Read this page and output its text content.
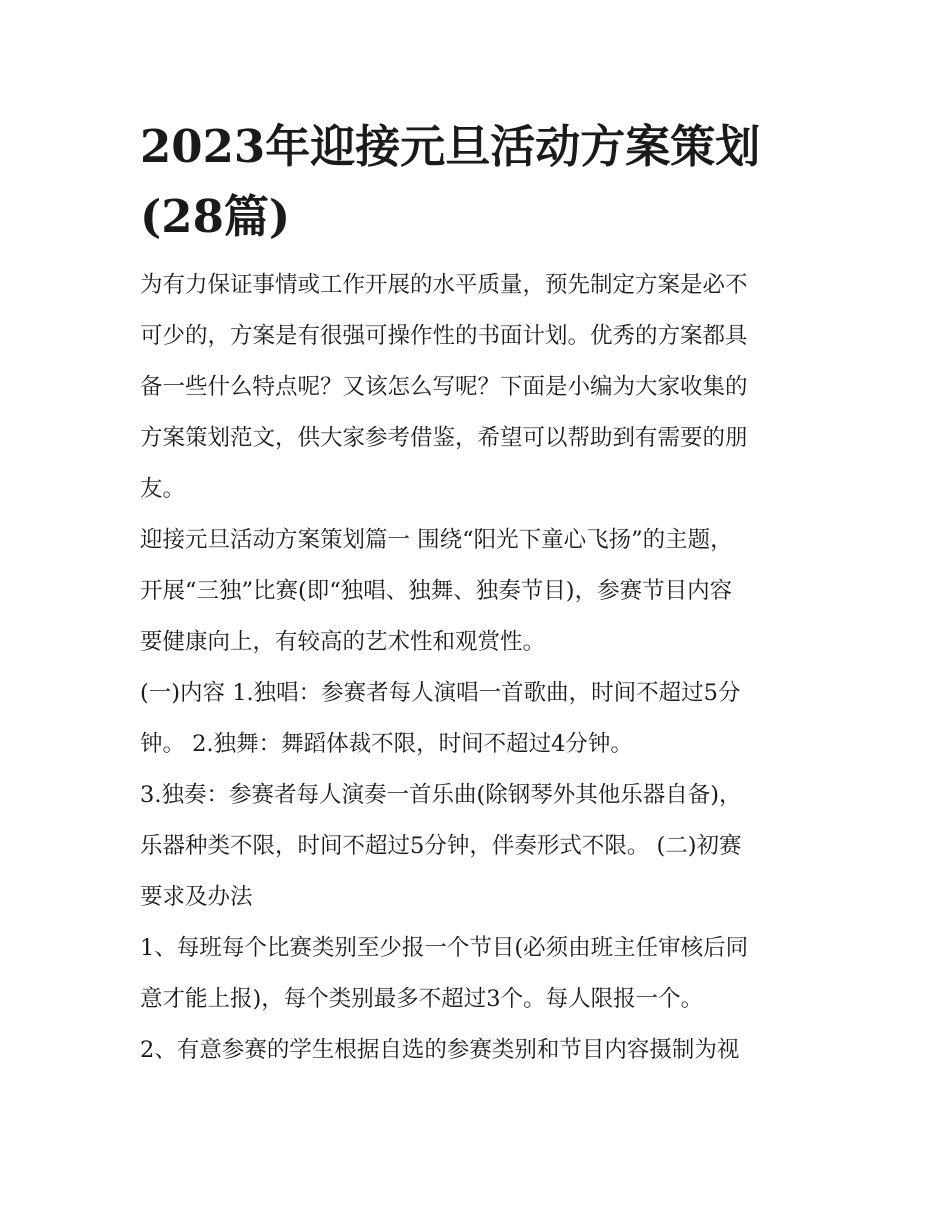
2023年迎接元旦活动方案策划
(28篇)
为有力保证事情或工作开展的水平质量，预先制定方案是必不
可少的，方案是有很强可操作性的书面计划。优秀的方案都具
备一些什么特点呢？又该怎么写呢？下面是小编为大家收集的
方案策划范文，供大家参考借鉴，希望可以帮助到有需要的朋
友。
迎接元旦活动方案策划篇一 围绕“阳光下童心飞扬”的主题，
开展“三独”比赛(即“独唱、独舞、独奏节目)，参赛节目内容
要健康向上，有较高的艺术性和观赏性。
(一)内容 1.独唱：参赛者每人演唱一首歌曲，时间不超过5分
钟。 2.独舞：舞蹈体裁不限，时间不超过4分钟。
3.独奏：参赛者每人演奏一首乐曲(除钢琴外其他乐器自备)，
乐器种类不限，时间不超过5分钟，伴奏形式不限。 (二)初赛
要求及办法
1、每班每个比赛类别至少报一个节目(必须由班主任审核后同
意才能上报)，每个类别最多不超过3个。每人限报一个。
2、有意参赛的学生根据自选的参赛类别和节目内容摄制为视
